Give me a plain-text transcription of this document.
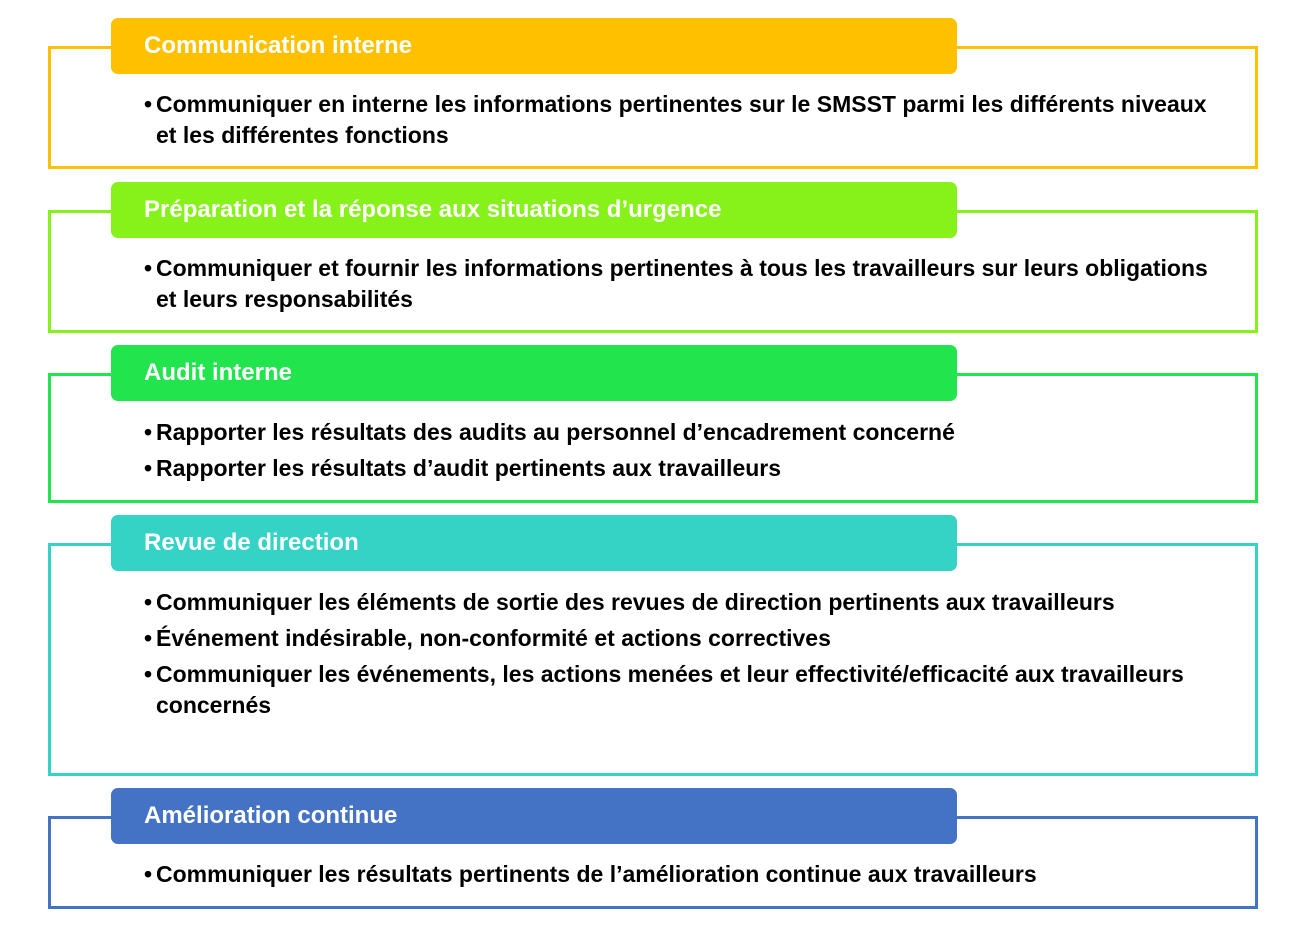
Communication interne
• Communiquer en interne les informations pertinentes sur le SMSST parmi les différents niveaux et les différentes fonctions
Préparation et la réponse aux situations d’urgence
• Communiquer et fournir les informations pertinentes à tous les travailleurs sur leurs obligations et leurs responsabilités
Audit interne
• Rapporter les résultats des audits au personnel d’encadrement concerné
• Rapporter les résultats d’audit pertinents aux travailleurs
Revue de direction
• Communiquer les éléments de sortie des revues de direction pertinents aux travailleurs
• Événement indésirable, non-conformité et actions correctives
• Communiquer les événements, les actions menées et leur effectivité/efficacité aux travailleurs concernés
Amélioration continue
• Communiquer les résultats pertinents de l’amélioration continue aux travailleurs
